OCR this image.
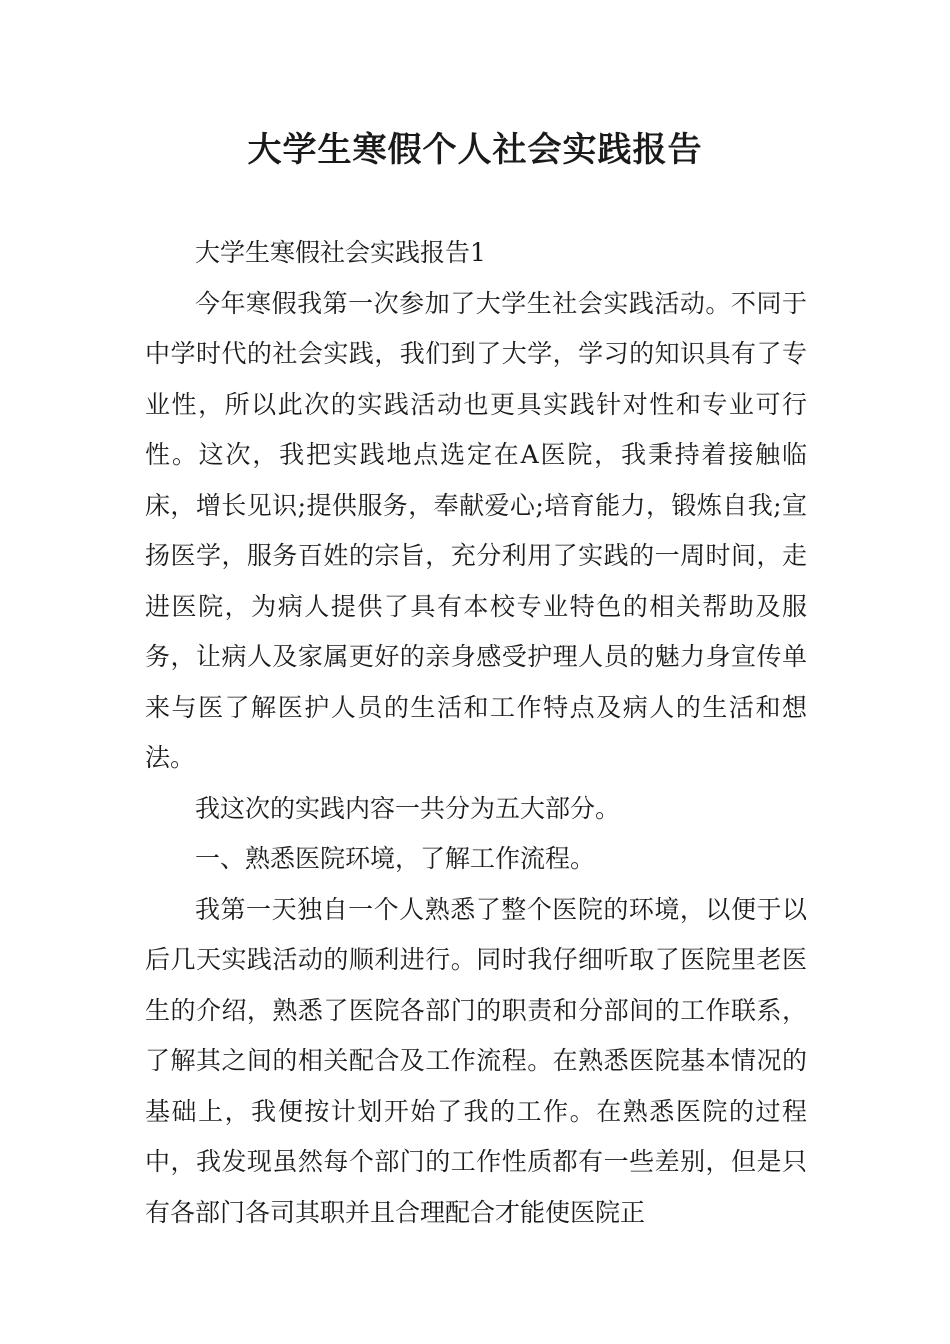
大学生寒假个人社会实践报告

大学生寒假社会实践报告1

今年寒假我第一次参加了大学生社会实践活动。不同于中学时代的社会实践，我们到了大学，学习的知识具有了专业性，所以此次的实践活动也更具实践针对性和专业可行性。这次，我把实践地点选定在A医院，我秉持着接触临床，增长见识;提供服务，奉献爱心;培育能力，锻炼自我;宣扬医学，服务百姓的宗旨，充分利用了实践的一周时间，走进医院，为病人提供了具有本校专业特色的相关帮助及服务，让病人及家属更好的亲身感受护理人员的魅力身宣传单来与医了解医护人员的生活和工作特点及病人的生活和想法。

我这次的实践内容一共分为五大部分。

一、熟悉医院环境，了解工作流程。

我第一天独自一个人熟悉了整个医院的环境，以便于以后几天实践活动的顺利进行。同时我仔细听取了医院里老医生的介绍，熟悉了医院各部门的职责和分部间的工作联系，了解其之间的相关配合及工作流程。在熟悉医院基本情况的基础上，我便按计划开始了我的工作。在熟悉医院的过程中，我发现虽然每个部门的工作性质都有一些差别，但是只有各部门各司其职并且合理配合才能使医院正
